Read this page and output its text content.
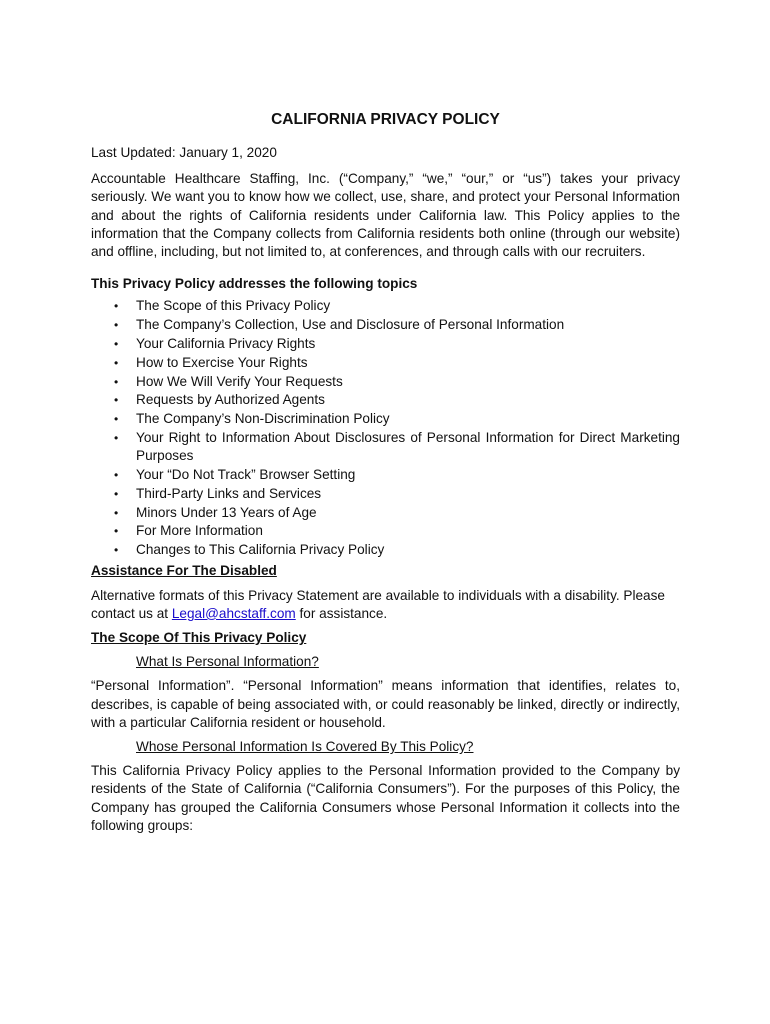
CALIFORNIA PRIVACY POLICY

Last Updated: January 1, 2020

Accountable Healthcare Staffing, Inc. (“Company,” “we,” “our,” or “us”) takes your privacy seriously. We want you to know how we collect, use, share, and protect your Personal Information and about the rights of California residents under California law. This Policy applies to the information that the Company collects from California residents both online (through our website) and offline, including, but not limited to, at conferences, and through calls with our recruiters.

This Privacy Policy addresses the following topics

• The Scope of this Privacy Policy
• The Company’s Collection, Use and Disclosure of Personal Information
• Your California Privacy Rights
• How to Exercise Your Rights
• How We Will Verify Your Requests
• Requests by Authorized Agents
• The Company’s Non-Discrimination Policy
• Your Right to Information About Disclosures of Personal Information for Direct Marketing Purposes
• Your “Do Not Track” Browser Setting
• Third-Party Links and Services
• Minors Under 13 Years of Age
• For More Information
• Changes to This California Privacy Policy

Assistance For The Disabled

Alternative formats of this Privacy Statement are available to individuals with a disability. Please contact us at Legal@ahcstaff.com for assistance.

The Scope Of This Privacy Policy

What Is Personal Information?

“Personal Information”. “Personal Information” means information that identifies, relates to, describes, is capable of being associated with, or could reasonably be linked, directly or indirectly, with a particular California resident or household.

Whose Personal Information Is Covered By This Policy?

This California Privacy Policy applies to the Personal Information provided to the Company by residents of the State of California (“California Consumers”). For the purposes of this Policy, the Company has grouped the California Consumers whose Personal Information it collects into the following groups:
